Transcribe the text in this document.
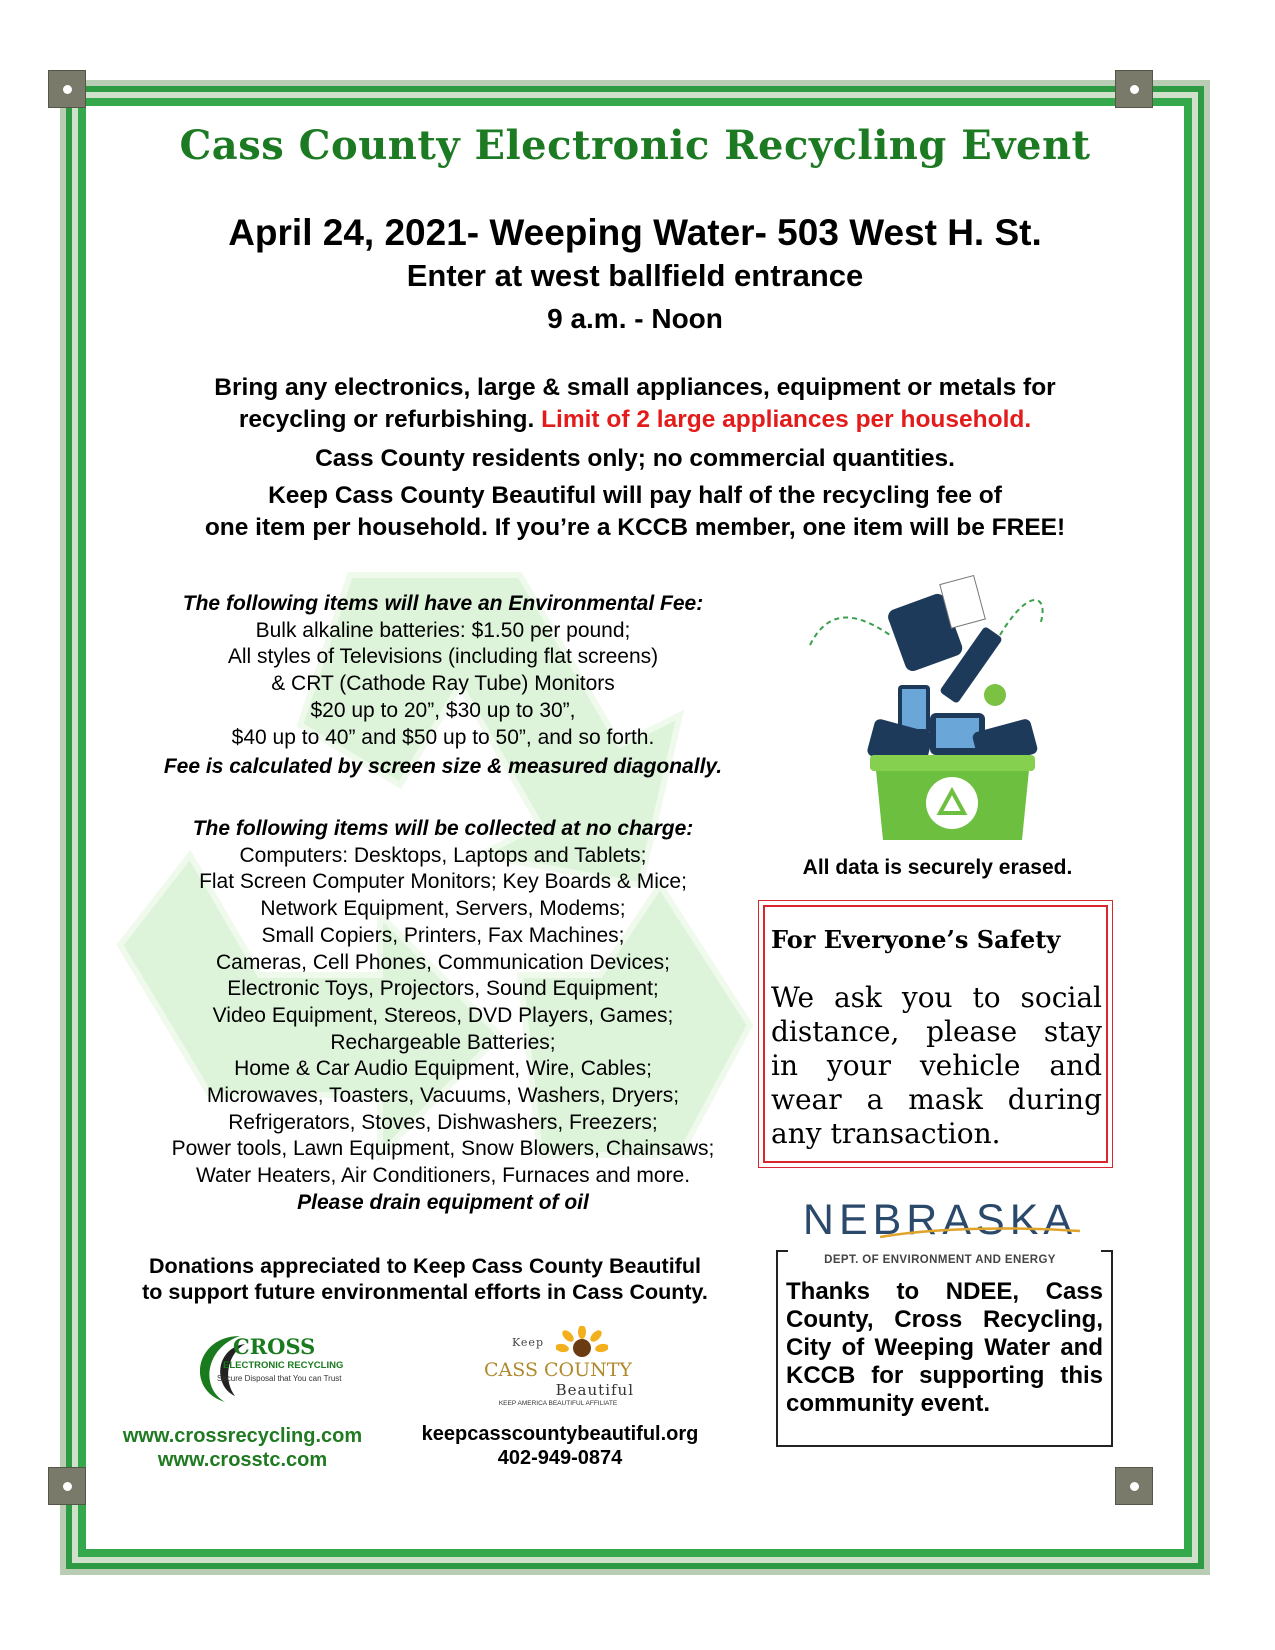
Cass County Electronic Recycling Event
April 24, 2021- Weeping Water- 503 West H. St.
Enter at west ballfield entrance
9 a.m. - Noon
Bring any electronics, large & small appliances, equipment or metals for
recycling or refurbishing. Limit of 2 large appliances per household.
Cass County residents only; no commercial quantities.
Keep Cass County Beautiful will pay half of the recycling fee of
one item per household. If you’re a KCCB member, one item will be FREE!
The following items will have an Environmental Fee:
Bulk alkaline batteries: $1.50 per pound;
All styles of Televisions (including flat screens)
& CRT (Cathode Ray Tube) Monitors
$20 up to 20”, $30 up to 30”,
$40 up to 40” and $50 up to 50”, and so forth.
Fee is calculated by screen size & measured diagonally.
The following items will be collected at no charge:
Computers: Desktops, Laptops and Tablets;
Flat Screen Computer Monitors; Key Boards & Mice;
Network Equipment, Servers, Modems;
Small Copiers, Printers, Fax Machines;
Cameras, Cell Phones, Communication Devices;
Electronic Toys, Projectors, Sound Equipment;
Video Equipment, Stereos, DVD Players, Games;
Rechargeable Batteries;
Home & Car Audio Equipment, Wire, Cables;
Microwaves, Toasters, Vacuums, Washers, Dryers;
Refrigerators, Stoves, Dishwashers, Freezers;
Power tools, Lawn Equipment, Snow Blowers, Chainsaws;
Water Heaters, Air Conditioners, Furnaces and more.
Please drain equipment of oil
All data is securely erased.
For Everyone’s Safety
We ask you to social distance, please stay in your vehicle and wear a mask during any transaction.
NEBRASKA
Thanks to NDEE, Cass County, Cross Recycling, City of Weeping Water and KCCB for supporting this community event.
DEPT. OF ENVIRONMENT AND ENERGY
Donations appreciated to Keep Cass County Beautiful
to support future environmental efforts in Cass County.
CROSS
ELECTRONIC RECYCLING
Secure Disposal that You can Trust
Keep
CASS COUNTY
Beautiful
KEEP AMERICA BEAUTIFUL AFFILIATE
www.crossrecycling.com
www.crosstc.com
keepcasscountybeautiful.org
402-949-0874
